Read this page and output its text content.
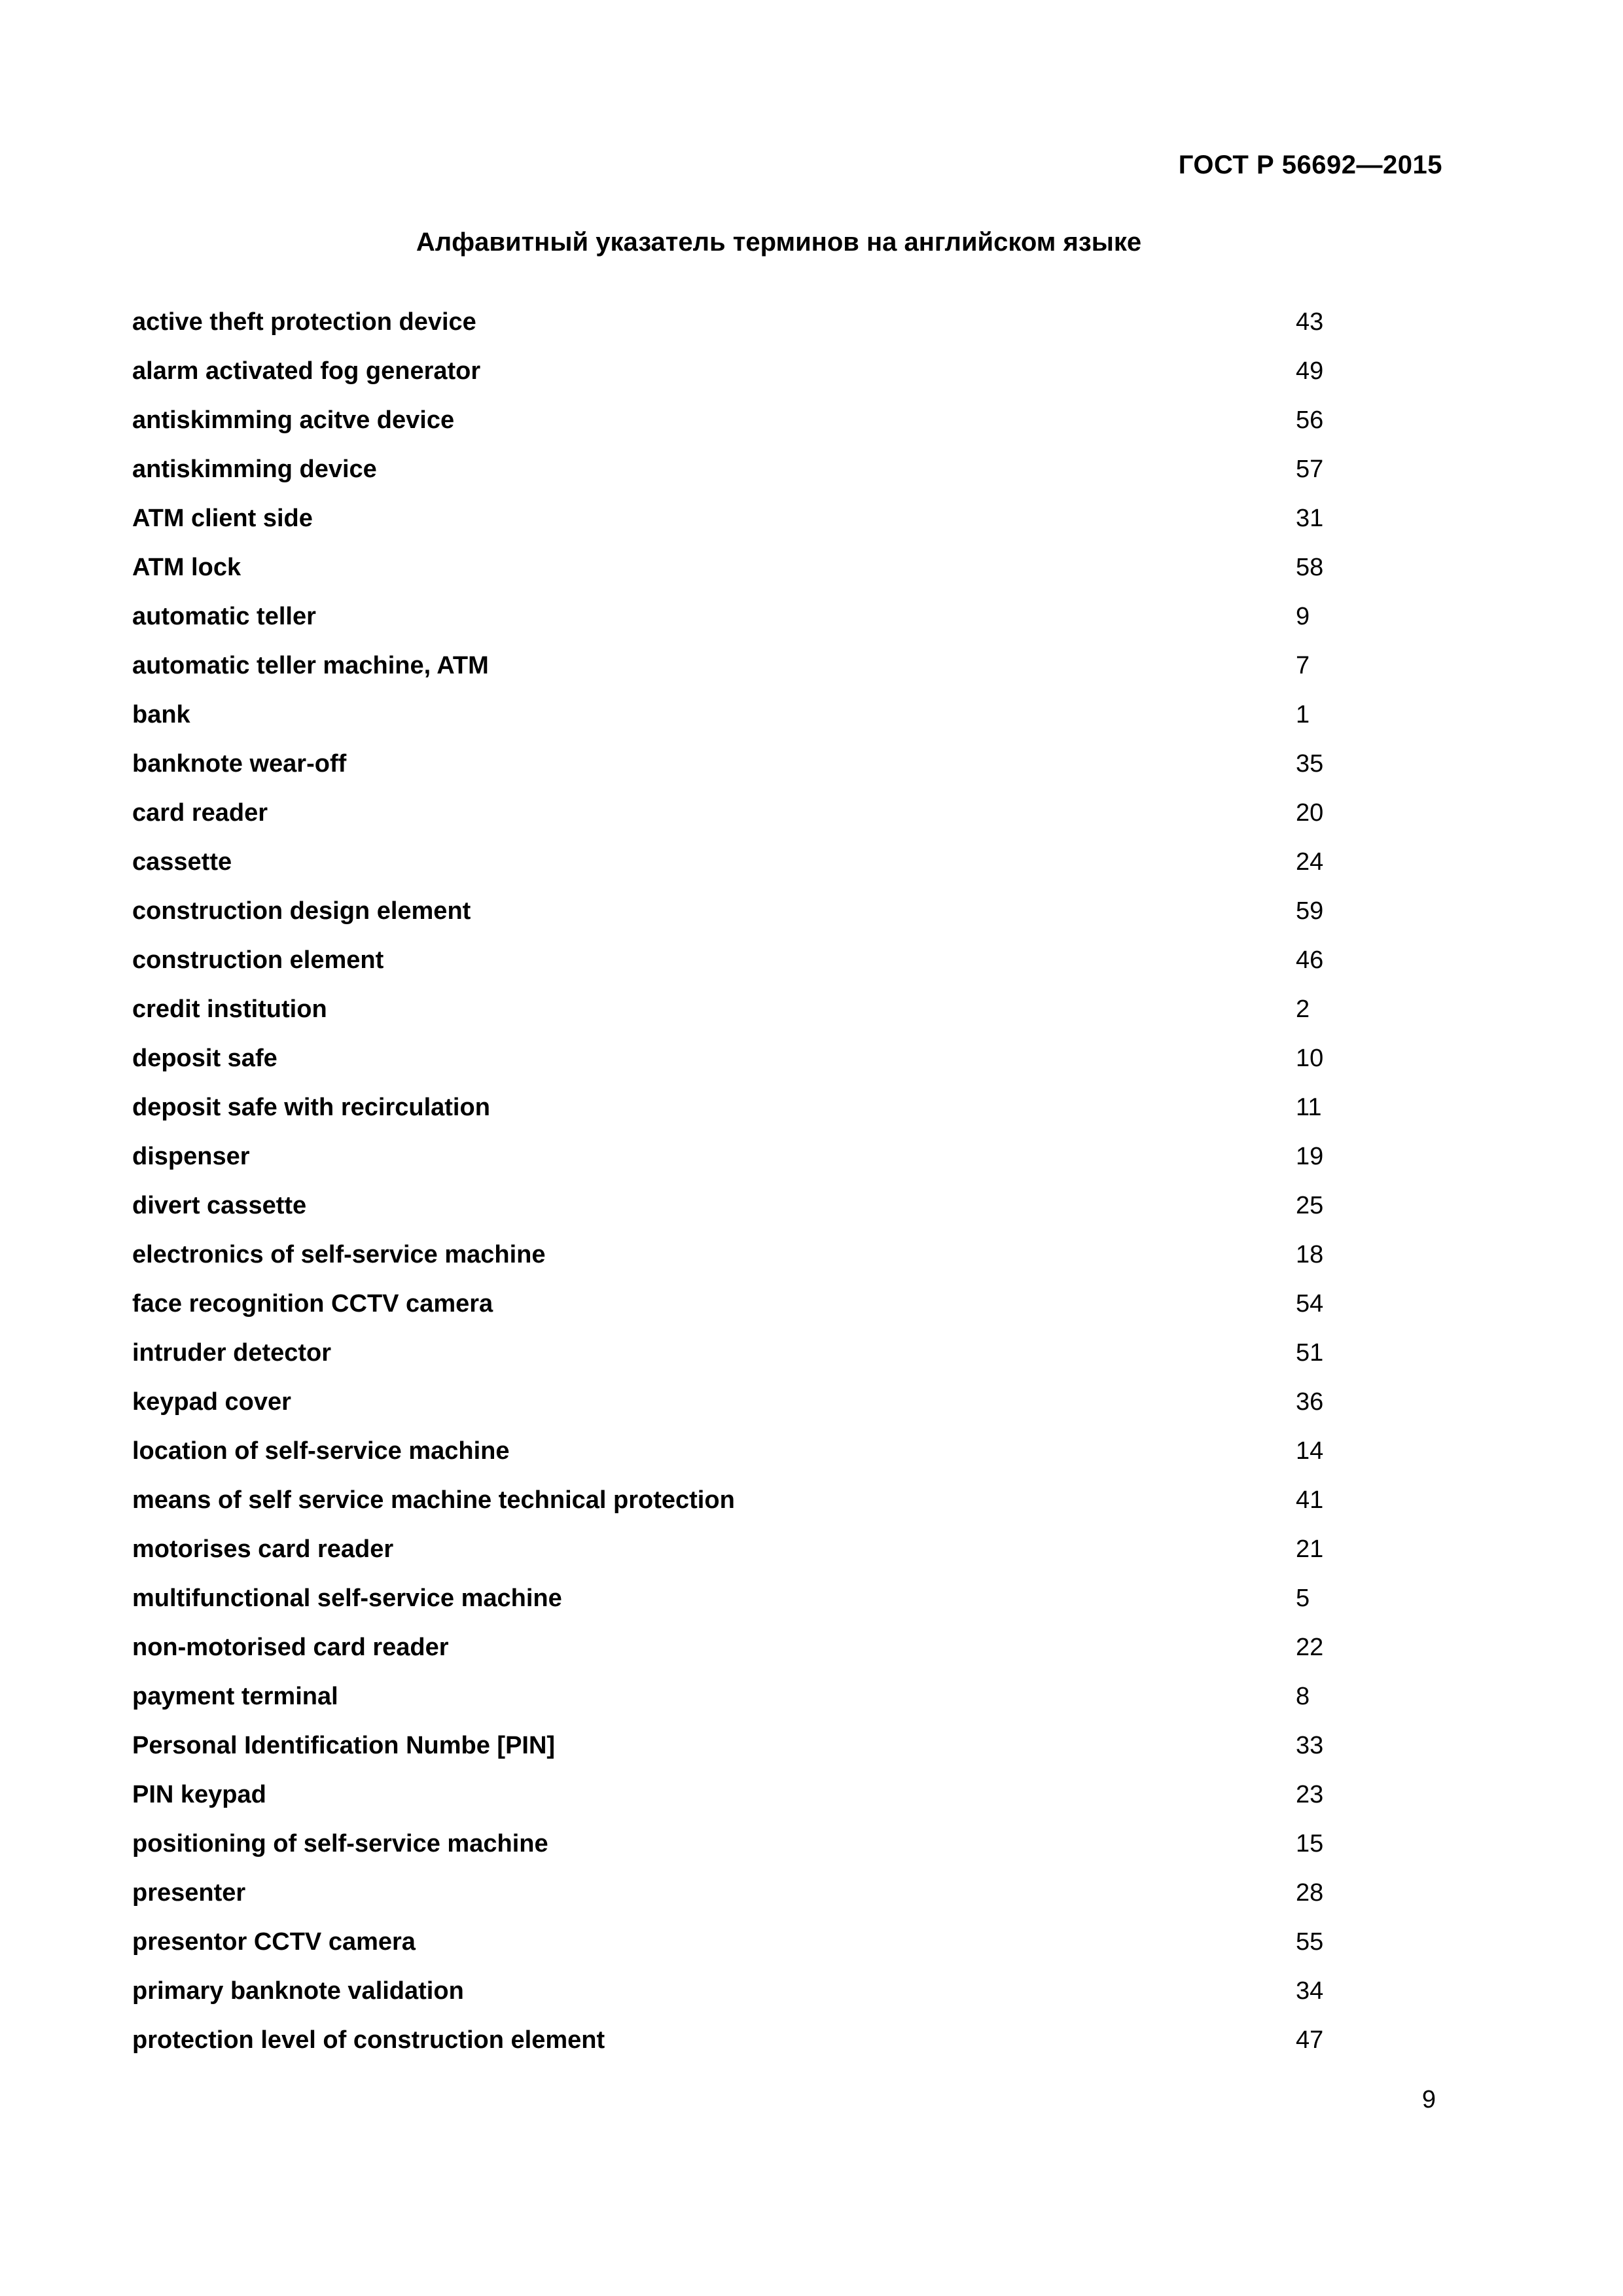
ГОСТ Р 56692—2015
Алфавитный указатель терминов на английском языке
active theft protection device	43
alarm activated fog generator	49
antiskimming acitve device	56
antiskimming device	57
ATM client side	31
ATM lock	58
automatic teller	9
automatic teller machine, ATM	7
bank	1
banknote wear-off	35
card reader	20
cassette	24
construction design element	59
construction element	46
credit institution	2
deposit safe	10
deposit safe with recirculation	11
dispenser	19
divert cassette	25
electronics of self-service machine	18
face recognition CCTV camera	54
intruder detector	51
keypad cover	36
location of self-service machine	14
means of self service machine technical protection	41
motorises card reader	21
multifunctional self-service machine	5
non-motorised card reader	22
payment terminal	8
Personal Identification Numbe [PIN]	33
PIN keypad	23
positioning of self-service machine	15
presenter	28
presentor CCTV camera	55
primary banknote validation	34
protection level of construction element	47
9
